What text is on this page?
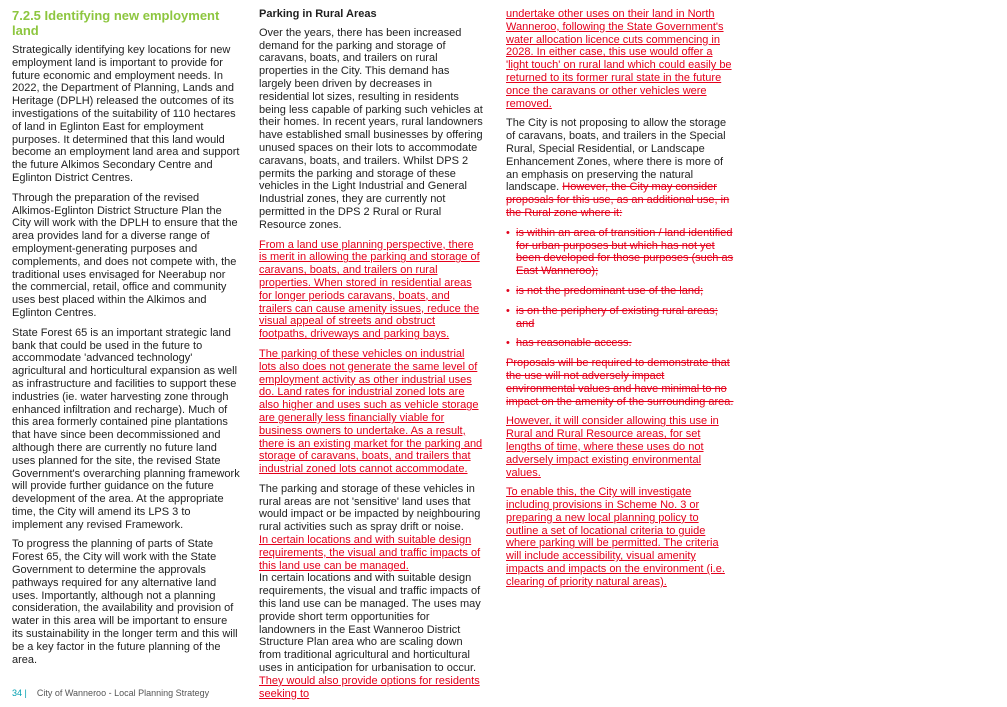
7.2.5 Identifying new employment land

Strategically identifying key locations for new employment land is important to provide for future economic and employment needs. In 2022, the Department of Planning, Lands and Heritage (DPLH) released the outcomes of its investigations of the suitability of 110 hectares of land in Eglinton East for employment purposes. It determined that this land would become an employment land area and support the future Alkimos Secondary Centre and Eglinton District Centres.

Through the preparation of the revised Alkimos-Eglinton District Structure Plan the City will work with the DPLH to ensure that the area provides land for a diverse range of employment-generating purposes and complements, and does not compete with, the traditional uses envisaged for Neerabup nor the commercial, retail, office and community uses best placed within the Alkimos and Eglinton Centres.

State Forest 65 is an important strategic land bank that could be used in the future to accommodate 'advanced technology' agricultural and horticultural expansion as well as infrastructure and facilities to support these industries (ie. water harvesting zone through enhanced infiltration and recharge). Much of this area formerly contained pine plantations that have since been decommissioned and although there are currently no future land uses planned for the site, the revised State Government's overarching planning framework will provide further guidance on the future development of the area. At the appropriate time, the City will amend its LPS 3 to implement any revised Framework.

To progress the planning of parts of State Forest 65, the City will work with the State Government to determine the approvals pathways required for any alternative land uses. Importantly, although not a planning consideration, the availability and provision of water in this area will be important to ensure its sustainability in the longer term and this will be a key factor in the future planning of the area.

Parking in Rural Areas

Over the years, there has been increased demand for the parking and storage of caravans, boats, and trailers on rural properties in the City. This demand has largely been driven by decreases in residential lot sizes, resulting in residents being less capable of parking such vehicles at their homes. In recent years, rural landowners have established small businesses by offering unused spaces on their lots to accommodate caravans, boats, and trailers. Whilst DPS 2 permits the parking and storage of these vehicles in the Light Industrial and General Industrial zones, they are currently not permitted in the DPS 2 Rural or Rural Resource zones.

From a land use planning perspective, there is merit in allowing the parking and storage of caravans, boats, and trailers on rural properties. When stored in residential areas for longer periods caravans, boats, and trailers can cause amenity issues, reduce the visual appeal of streets and obstruct footpaths, driveways and parking bays.

The parking of these vehicles on industrial lots also does not generate the same level of employment activity as other industrial uses do. Land rates for industrial zoned lots are also higher and uses such as vehicle storage are generally less financially viable for business owners to undertake. As a result, there is an existing market for the parking and storage of caravans, boats, and trailers that industrial zoned lots cannot accommodate.

The parking and storage of these vehicles in rural areas are not 'sensitive' land uses that would impact or be impacted by neighbouring rural activities such as spray drift or noise.
In certain locations and with suitable design requirements, the visual and traffic impacts of this land use can be managed.
In certain locations and with suitable design requirements, the visual and traffic impacts of this land use can be managed. The uses may provide short term opportunities for landowners in the East Wanneroo District Structure Plan area who are scaling down from traditional agricultural and horticultural uses in anticipation for urbanisation to occur. They would also provide options for residents seeking to

undertake other uses on their land in North Wanneroo, following the State Government's water allocation licence cuts commencing in 2028. In either case, this use would offer a 'light touch' on rural land which could easily be returned to its former rural state in the future once the caravans or other vehicles were removed.

The City is not proposing to allow the storage of caravans, boats, and trailers in the Special Rural, Special Residential, or Landscape Enhancement Zones, where there is more of an emphasis on preserving the natural landscape. However, the City may consider proposals for this use, as an additional use, in the Rural zone where it:

• is within an area of transition / land identified for urban purposes but which has not yet been developed for those purposes (such as East Wanneroo);
• is not the predominant use of the land;
• is on the periphery of existing rural areas; and
• has reasonable access.

Proposals will be required to demonstrate that the use will not adversely impact environmental values and have minimal to no impact on the amenity of the surrounding area.

However, it will consider allowing this use in Rural and Rural Resource areas, for set lengths of time, where these uses do not adversely impact existing environmental values.

To enable this, the City will investigate including provisions in Scheme No. 3 or preparing a new local planning policy to outline a set of locational criteria to guide where parking will be permitted. The criteria will include accessibility, visual amenity impacts and impacts on the environment (i.e. clearing of priority natural areas).

34 | City of Wanneroo - Local Planning Strategy
